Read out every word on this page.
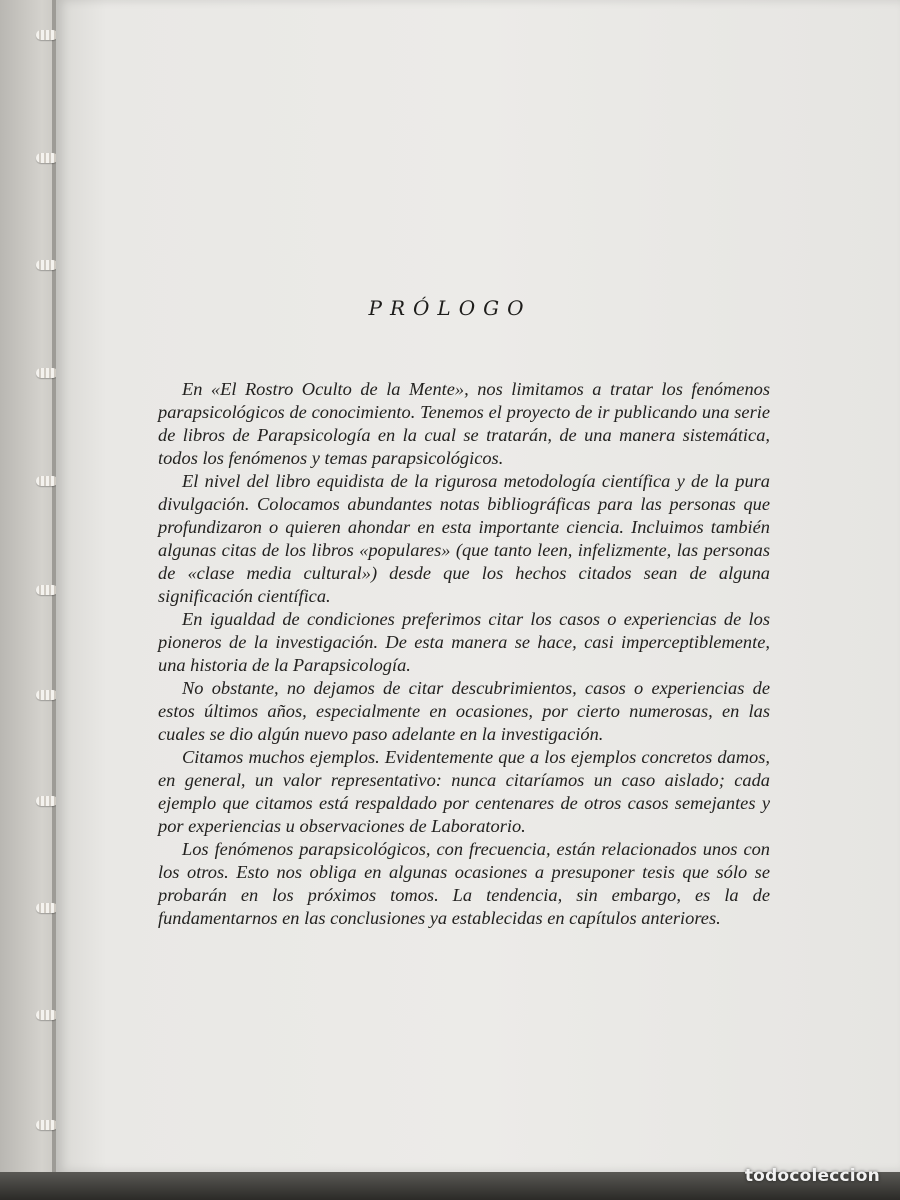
PRÓLOGO

En «El Rostro Oculto de la Mente», nos limitamos a tratar los fenómenos parapsicológicos de conocimiento. Tenemos el proyecto de ir publicando una serie de libros de Parapsicología en la cual se tratarán, de una manera sistemática, todos los fenómenos y temas parapsicológicos.

El nivel del libro equidista de la rigurosa metodología científica y de la pura divulgación. Colocamos abundantes notas bibliográficas para las personas que profundizaron o quieren ahondar en esta importante ciencia. Incluimos también algunas citas de los libros «populares» (que tanto leen, infelizmente, las personas de «clase media cultural») desde que los hechos citados sean de alguna significación científica.

En igualdad de condiciones preferimos citar los casos o experiencias de los pioneros de la investigación. De esta manera se hace, casi imperceptiblemente, una historia de la Parapsicología.

No obstante, no dejamos de citar descubrimientos, casos o experiencias de estos últimos años, especialmente en ocasiones, por cierto numerosas, en las cuales se dio algún nuevo paso adelante en la investigación.

Citamos muchos ejemplos. Evidentemente que a los ejemplos concretos damos, en general, un valor representativo: nunca citaríamos un caso aislado; cada ejemplo que citamos está respaldado por centenares de otros casos semejantes y por experiencias u observaciones de Laboratorio.

Los fenómenos parapsicológicos, con frecuencia, están relacionados unos con los otros. Esto nos obliga en algunas ocasiones a presuponer tesis que sólo se probarán en los próximos tomos. La tendencia, sin embargo, es la de fundamentarnos en las conclusiones ya establecidas en capítulos anteriores.

todocoleccion
